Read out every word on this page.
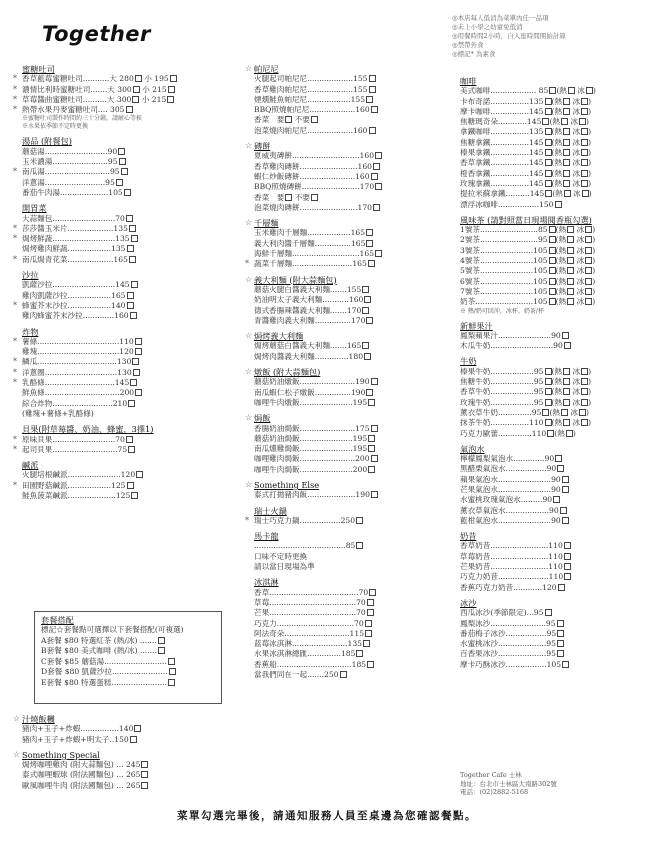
Together
◎本店每人低消為菜單內任一品項
◎未上小學之幼童免低消
◎用餐時間2小時，自入座時間開始計算
◎禁帶外食
◎標記* 為素食
蜜糖吐司
* 香草藍莓蜜糖吐司...........大 280 小 195
* 濃情比利時蜜糖吐司.......大 300 小 215
* 草莓醬曲蜜糖吐司..........大 300 小 215
* 熱帶水果丹麥蜜糖吐司.... 305
※蜜糖吐司製作時間約三十分鐘，請耐心等候
※水果依季節不定時更換
湯品 (附餐包)
蘑菇湯..........................90
玉米濃湯.......................95
* 南瓜湯...........................95
洋蔥湯.........................95
番茄牛肉湯....................105
開胃菜
大蒜麵包..........................70
* 莎莎醬玉米片...................135
* 焗烤鮮蔬..........................135
焗烤雞肉鮮蔬..................135
* 南瓜焗青花菜...................165
沙拉
凱薩沙拉..........................145
雞肉凱薩沙拉..................165
* 蜂蜜芥末沙拉..................140
雞肉蜂蜜芥末沙拉.............160
炸物
* 薯條..................................110
雞塊..................................120
* 鱗瓜.................................130
* 洋蔥圈..............................130
* 乳酪條.............................145
鮮魚條...............................200
綜合炸物.........................210
(雞塊+薯條+乳酪條)
貝果(附草莓醬、奶油、蜂蜜，3擇1)
* 原味貝果..........................70
* 起司貝果...........................75
鹹派
火腿培根鹹派......................120
* 田園野菇鹹派..................125
鮭魚菠菜鹹派....................125
套餐搭配
標記☆套餐點可選擇以下套餐搭配(可複選)
A套餐 $80 特選紅茶 (熱/冰) .......
B套餐 $80 美式咖啡 (熱/冰) .......
C套餐 $85 蘑菇湯..........................
D套餐 $80 凱薩沙拉.......................
E套餐 $80 特選蛋糕.......................
☆ 汁燒飯糰
豬肉+玉子+炸蝦................140
豬肉+玉子+炸蝦+明太子..150
☆ Something Special
焗烤咖哩雞肉 (附大蒜麵包) ... 245
泰式咖哩蝦球 (附法國麵包) ... 265
歐風咖哩牛肉 (附法國麵包) ... 265
☆ 帕尼尼
火腿起司帕尼尼...................155
香草雞肉帕尼尼...................155
煙燻鮭魚帕尼尼..................155
BBQ照燒帕尼尼...................160
香菜　要 不要
泡菜燒肉帕尼尼...................160
☆ 磚餅
夏威夷磚餅............................160
香草雞肉磚餅........................160
蝦仁炒飯磚餅.......................160
BBQ照燒磚餅........................170
香菜　要 不要
泡菜燒肉磚餅........................170
☆ 千層麵
玉米雞肉千層麵..................165
義大利肉醬千層麵...............165
海鮮千層麵............................165
* 蔬菜千層麵.........................165
☆ 義大利麵 (附大蒜麵包)
蘑菇火腿白醬義大利麵.......155
奶油明太子義大利麵...........160
德式香腸辣醬義大利麵.......170
青醬雞肉義大利麵...............170
☆ 焗烤義大利麵
焗烤蘑菇白醬義大利麵.......165
焗烤肉醬義大利麵..............180
☆ 燉飯 (附大蒜麵包)
蘑菇奶油燉飯.......................190
南瓜蝦仁松子燉飯...............190
咖哩牛肉燉飯......................195
☆ 焗飯
香腸奶油焗飯.......................175
蘑菇奶油焗飯......................195
南瓜燻雞焗飯......................195
咖哩雞肉焗飯.......................200
咖哩牛肉焗飯......................200
☆ Something Else
泰式打拋豬肉飯....................190
瑞士火鍋
* 瑞士巧克力鍋.................250
馬卡龍
......................................85
口味不定時更換
請以當日現場為準
冰淇淋
香草.....................................70
草莓....................................70
芒果....................................70
巧克力................................70
阿法奇朵...........................115
蓝莓冰淇淋.......................135
水果冰淇淋總匯..............185
香蕉船...............................185
當我們同在一起.......250
咖啡
美式咖啡................... 85 (熱 冰 )
卡布奇諾................135 (熱 冰 )
摩卡咖啡................145 (熱 冰 )
焦糖瑪奇朵............145 (熱 冰 )
拿鐵咖啡................135 (熱 冰 )
焦糖拿鐵................145 (熱 冰 )
榛果拿鐵................145 (熱 冰 )
香草拿鐵................145 (熱 冰 )
橙香拿鐵................145 (熱 冰 )
玫瑰拿鐵................145 (熱 冰 )
提拉米蘇拿鐵..........145 (熱 冰 )
漂浮冰咖啡.................150
風味茶 (請對照當日現場閱香瓶勾選)
1號茶........................85 (熱 冰 )
2號茶........................95 (熱 冰 )
3號茶......................105 (熱 冰 )
4號茶......................105 (熱 冰 )
5號茶......................105 (熱 冰 )
6號茶......................105 (熱 冰 )
7號茶......................105 (熱 冰 )
奶茶........................105 (熱 冰 )
※ 熱/奶可回沖，冰杯、奶茶/杯
新鮮果汁
鳳梨蘋果汁......................90
木瓜牛奶..........................90
牛奶
榛果牛奶..................95 (熱 冰 )
焦糖牛奶..................95 (熱 冰 )
香草牛奶..................95 (熱 冰 )
玫瑰牛奶..................95 (熱 冰 )
薰衣草牛奶..............95 (熱 冰 )
抹茶牛奶................110 (熱 冰 )
巧克力歐蕾..............110 (熱 )
氣泡水
檸檬鳳梨氣泡水.............90
黑醋栗氣泡水.................90
蘋果氣泡水......................90
芒果氣泡水......................90
水蜜桃玫瑰氣泡水.........90
薰衣草氣泡水..................90
藍柑氣泡水......................90
奶昔
香草奶昔........................110
草莓奶昔........................110
芒果奶昔........................110
巧克力奶昔.....................110
香蕉巧克力奶昔............120
冰沙
西瓜冰沙(季節限定)...95
鳳梨冰沙.......................95
番茄梅子冰沙.................95
水蜜桃冰沙....................95
百香果冰沙....................95
摩卡巧酥冰沙.................105
Together Cafe 士林
地址：台北市士林區大南路302號
電話：(02)2882-5168
菜單勾選完畢後，請通知服務人員至桌邊為您確認餐點。
